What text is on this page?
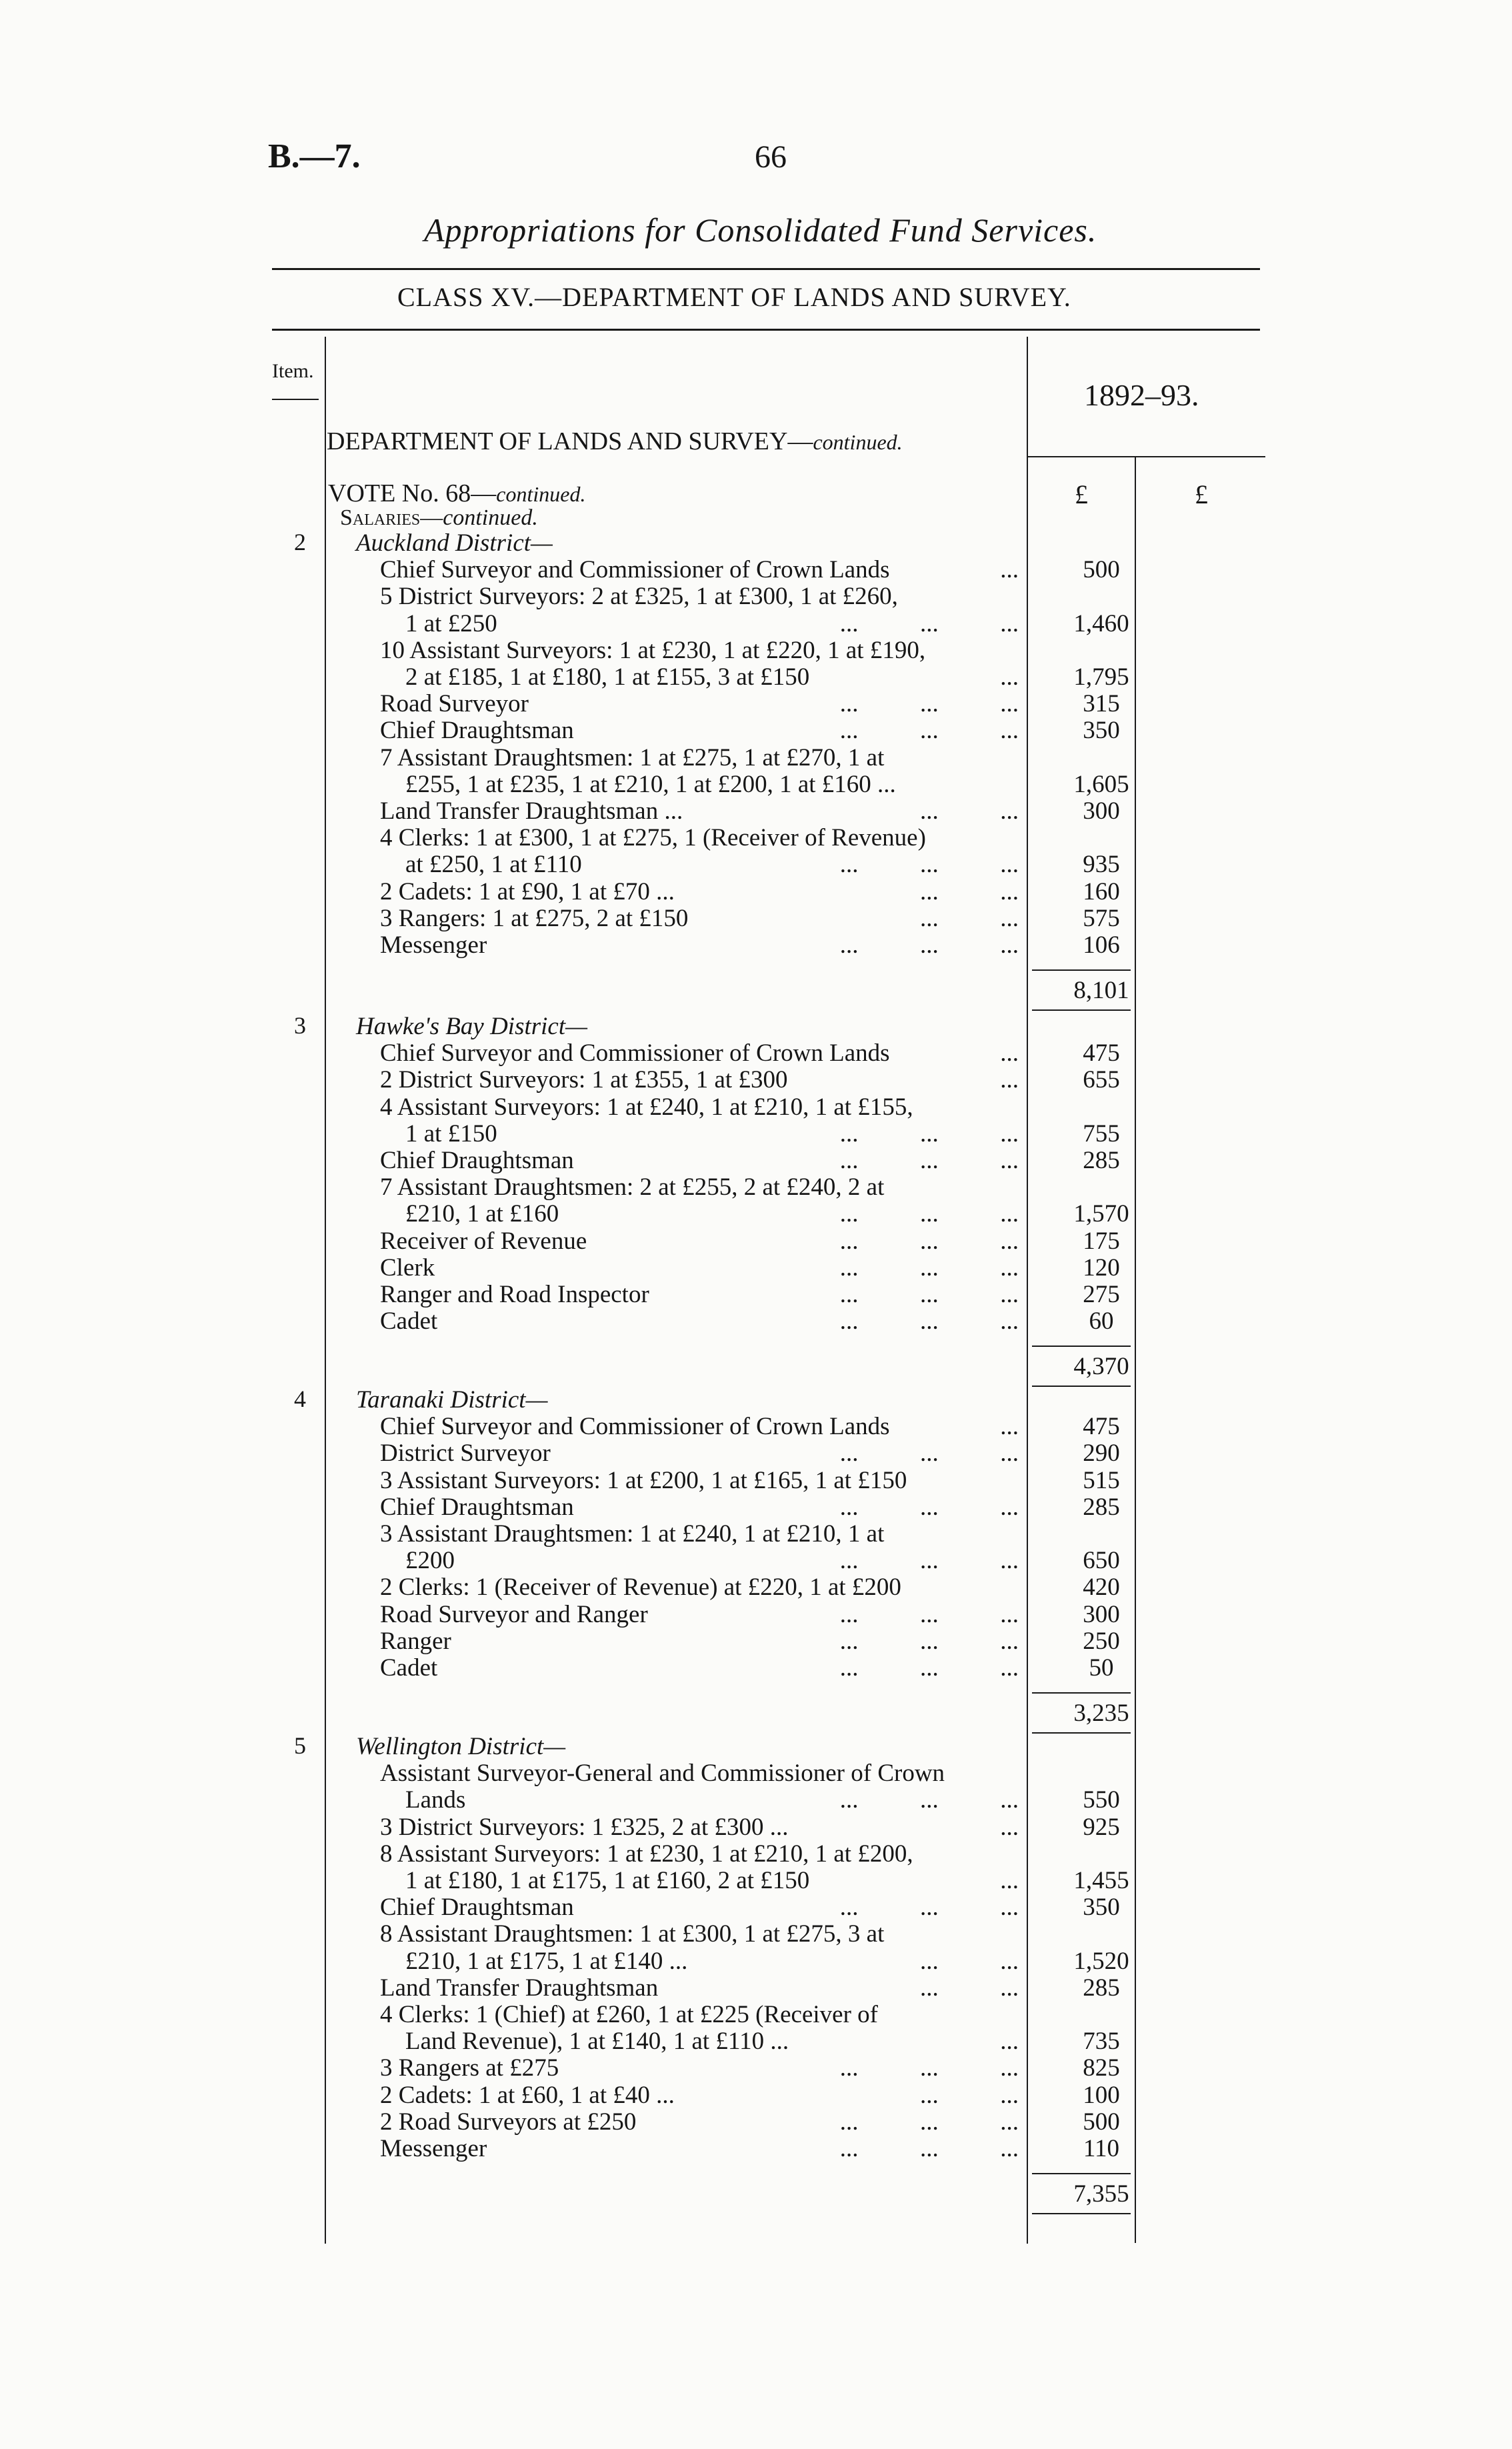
B.—7.	66
Appropriations for Consolidated Fund Services.
CLASS XV.—DEPARTMENT OF LANDS AND SURVEY.
Item.
1892–93.
DEPARTMENT OF LANDS AND SURVEY—continued.
VOTE No. 68—continued.	£	£
Salaries—continued.
2 Auckland District—
Chief Surveyor and Commissioner of Crown Lands	...	500
5 District Surveyors: 2 at £325, 1 at £300, 1 at £260,
1 at £250	...          ...          ...	1,460
10 Assistant Surveyors: 1 at £230, 1 at £220, 1 at £190,
2 at £185, 1 at £180, 1 at £155, 3 at £150	...	1,795
Road Surveyor	...          ...          ...	315
Chief Draughtsman	...          ...          ...	350
7 Assistant Draughtsmen: 1 at £275, 1 at £270, 1 at
£255, 1 at £235, 1 at £210, 1 at £200, 1 at £160 ...	1,605
Land Transfer Draughtsman ...	...          ...	300
4 Clerks: 1 at £300, 1 at £275, 1 (Receiver of Revenue)
at £250, 1 at £110	...          ...          ...	935
2 Cadets: 1 at £90, 1 at £70 ...	...          ...	160
3 Rangers: 1 at £275, 2 at £150	...          ...	575
Messenger	...          ...          ...	106
8,101
3 Hawke's Bay District—
Chief Surveyor and Commissioner of Crown Lands	...	475
2 District Surveyors: 1 at £355, 1 at £300	...	655
4 Assistant Surveyors: 1 at £240, 1 at £210, 1 at £155,
1 at £150	...          ...          ...	755
Chief Draughtsman	...          ...          ...	285
7 Assistant Draughtsmen: 2 at £255, 2 at £240, 2 at
£210, 1 at £160	...          ...          ...	1,570
Receiver of Revenue	...          ...          ...	175
Clerk	...          ...          ...	120
Ranger and Road Inspector	...          ...          ...	275
Cadet	...          ...          ...	60
4,370
4 Taranaki District—
Chief Surveyor and Commissioner of Crown Lands	...	475
District Surveyor	...          ...          ...	290
3 Assistant Surveyors: 1 at £200, 1 at £165, 1 at £150	515
Chief Draughtsman	...          ...          ...	285
3 Assistant Draughtsmen: 1 at £240, 1 at £210, 1 at
£200	...          ...          ...	650
2 Clerks: 1 (Receiver of Revenue) at £220, 1 at £200	420
Road Surveyor and Ranger	...          ...          ...	300
Ranger	...          ...          ...	250
Cadet	...          ...          ...	50
3,235
5 Wellington District—
Assistant Surveyor-General and Commissioner of Crown
Lands	...          ...          ...	550
3 District Surveyors: 1 £325, 2 at £300 ...	...	925
8 Assistant Surveyors: 1 at £230, 1 at £210, 1 at £200,
1 at £180, 1 at £175, 1 at £160, 2 at £150	...	1,455
Chief Draughtsman	...          ...          ...	350
8 Assistant Draughtsmen: 1 at £300, 1 at £275, 3 at
£210, 1 at £175, 1 at £140 ...	...          ...	1,520
Land Transfer Draughtsman	...          ...	285
4 Clerks: 1 (Chief) at £260, 1 at £225 (Receiver of
Land Revenue), 1 at £140, 1 at £110 ...	...	735
3 Rangers at £275	...          ...          ...	825
2 Cadets: 1 at £60, 1 at £40 ...	...          ...	100
2 Road Surveyors at £250	...          ...          ...	500
Messenger	...          ...          ...	110
7,355
